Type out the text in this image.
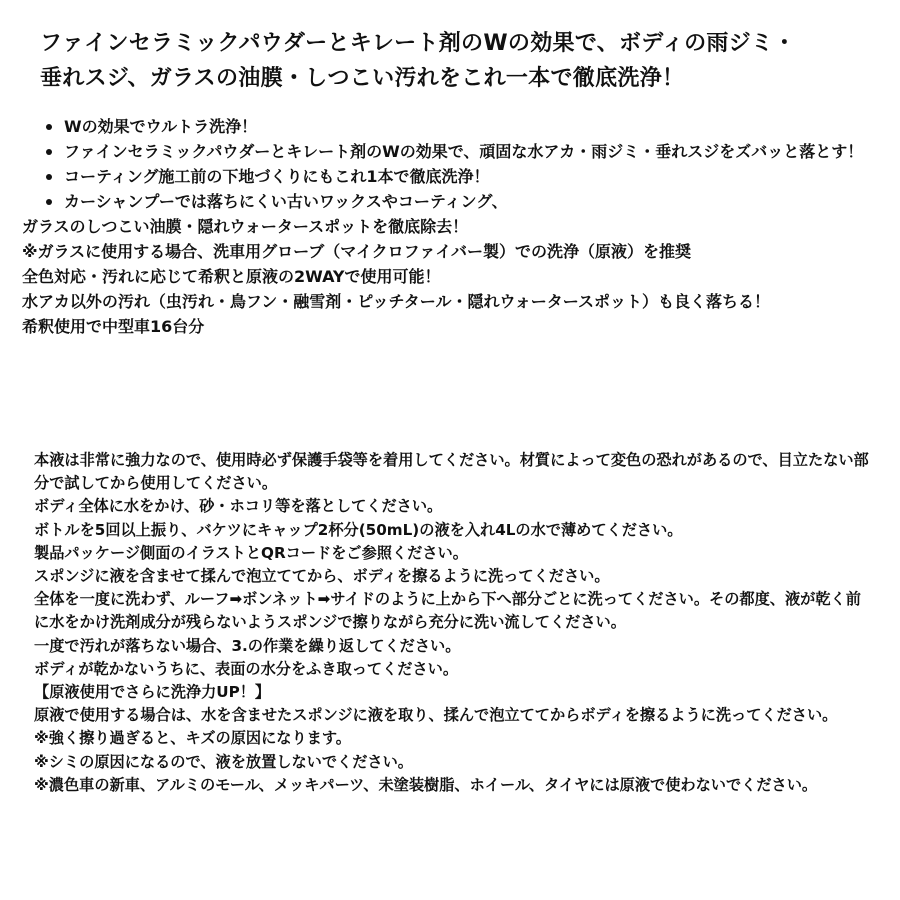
ファインセラミックパウダーとキレート剤のWの効果で、ボディの雨ジミ・
垂れスジ、ガラスの油膜・しつこい汚れをこれ一本で徹底洗浄！
Wの効果でウルトラ洗浄！
ファインセラミックパウダーとキレート剤のWの効果で、頑固な水アカ・雨ジミ・垂れスジをズバッと落とす！
コーティング施工前の下地づくりにもこれ1本で徹底洗浄！
カーシャンプーでは落ちにくい古いワックスやコーティング、
ガラスのしつこい油膜・隠れウォータースポットを徹底除去！
※ガラスに使用する場合、洗車用グローブ（マイクロファイバー製）での洗浄（原液）を推奨
全色対応・汚れに応じて希釈と原液の2WAYで使用可能！
水アカ以外の汚れ（虫汚れ・鳥フン・融雪剤・ピッチタール・隠れウォータースポット）も良く落ちる！
希釈使用で中型車16台分
本液は非常に強力なので、使用時必ず保護手袋等を着用してください。材質によって変色の恐れがあるので、目立たない部分で試してから使用してください。
ボディ全体に水をかけ、砂・ホコリ等を落としてください。
ボトルを5回以上振り、バケツにキャップ2杯分(50mL)の液を入れ4Lの水で薄めてください。
製品パッケージ側面のイラストとQRコードをご参照ください。
スポンジに液を含ませて揉んで泡立ててから、ボディを擦るように洗ってください。
全体を一度に洗わず、ルーフ➡ボンネット➡サイドのように上から下へ部分ごとに洗ってください。その都度、液が乾く前に水をかけ洗剤成分が残らないようスポンジで擦りながら充分に洗い流してください。
一度で汚れが落ちない場合、3.の作業を繰り返してください。
ボディが乾かないうちに、表面の水分をふき取ってください。
【原液使用でさらに洗浄力UP！】
原液で使用する場合は、水を含ませたスポンジに液を取り、揉んで泡立ててからボディを擦るように洗ってください。
※強く擦り過ぎると、キズの原因になります。
※シミの原因になるので、液を放置しないでください。
※濃色車の新車、アルミのモール、メッキパーツ、未塗装樹脂、ホイール、タイヤには原液で使わないでください。
